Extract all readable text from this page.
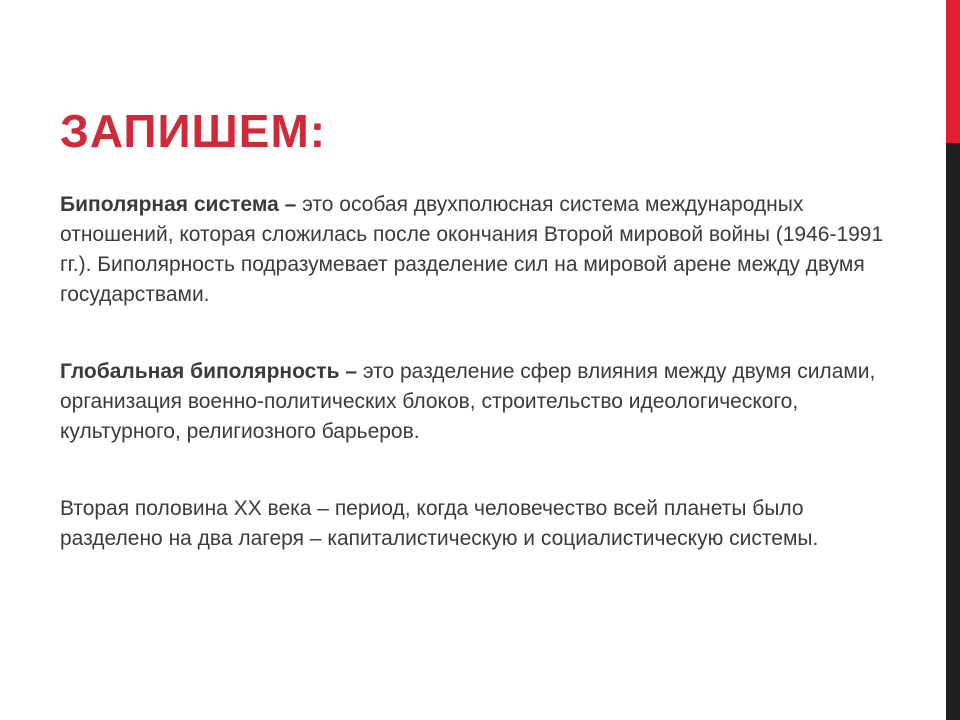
ЗАПИШЕМ:

Биполярная система – это особая двухполюсная система международных отношений, которая сложилась после окончания Второй мировой войны (1946-1991 гг.). Биполярность подразумевает разделение сил на мировой арене между двумя государствами.

Глобальная биполярность – это разделение сфер влияния между двумя силами, организация военно-политических блоков, строительство идеологического, культурного, религиозного барьеров.

Вторая половина ХХ века – период, когда человечество всей планеты было разделено на два лагеря – капиталистическую и социалистическую системы.
